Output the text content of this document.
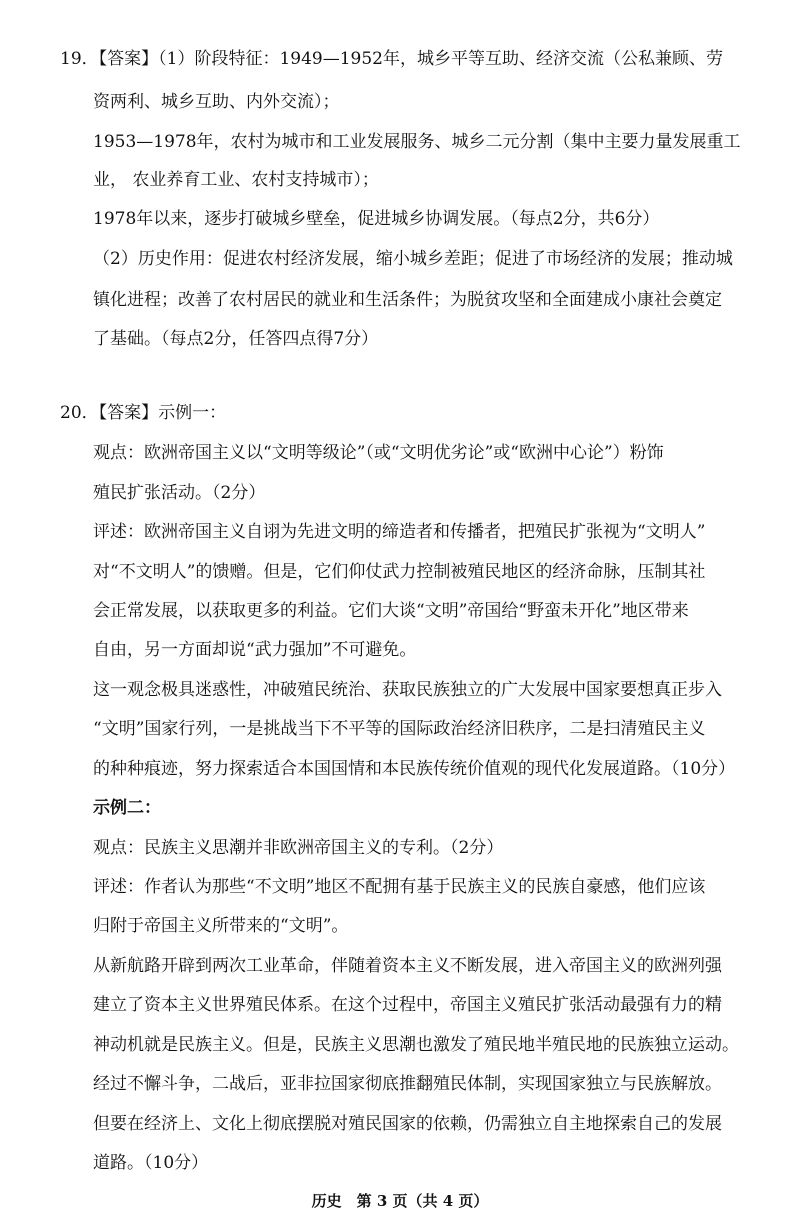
19．【答案】（1）阶段特征：1949—1952年，城乡平等互助、经济交流（公私兼顾、劳
资两利、城乡互助、内外交流）；
1953—1978年，农村为城市和工业发展服务、城乡二元分割（集中主要力量发展重工
业， 农业养育工业、农村支持城市）；
1978年以来，逐步打破城乡壁垒，促进城乡协调发展。（每点2分，共6分）
（2）历史作用：促进农村经济发展，缩小城乡差距；促进了市场经济的发展；推动城
镇化进程；改善了农村居民的就业和生活条件；为脱贫攻坚和全面建成小康社会奠定
了基础。（每点2分，任答四点得7分）
20．【答案】示例一：
观点：欧洲帝国主义以“文明等级论”（或“文明优劣论”或“欧洲中心论”）粉饰
殖民扩张活动。（2分）
评述：欧洲帝国主义自诩为先进文明的缔造者和传播者，把殖民扩张视为“文明人”
对“不文明人”的馈赠。但是，它们仰仗武力控制被殖民地区的经济命脉，压制其社
会正常发展，以获取更多的利益。它们大谈“文明”帝国给“野蛮未开化”地区带来
自由，另一方面却说“武力强加”不可避免。
这一观念极具迷惑性，冲破殖民统治、获取民族独立的广大发展中国家要想真正步入
“文明”国家行列，一是挑战当下不平等的国际政治经济旧秩序，二是扫清殖民主义
的种种痕迹，努力探索适合本国国情和本民族传统价值观的现代化发展道路。（10分）
示例二：
观点：民族主义思潮并非欧洲帝国主义的专利。（2分）
评述：作者认为那些“不文明”地区不配拥有基于民族主义的民族自豪感，他们应该
归附于帝国主义所带来的“文明”。
从新航路开辟到两次工业革命，伴随着资本主义不断发展，进入帝国主义的欧洲列强
建立了资本主义世界殖民体系。在这个过程中，帝国主义殖民扩张活动最强有力的精
神动机就是民族主义。但是，民族主义思潮也激发了殖民地半殖民地的民族独立运动。
经过不懈斗争，二战后，亚非拉国家彻底推翻殖民体制，实现国家独立与民族解放。
但要在经济上、文化上彻底摆脱对殖民国家的依赖，仍需独立自主地探索自己的发展
道路。（10分）
历史　第 3 页（共 4 页）
